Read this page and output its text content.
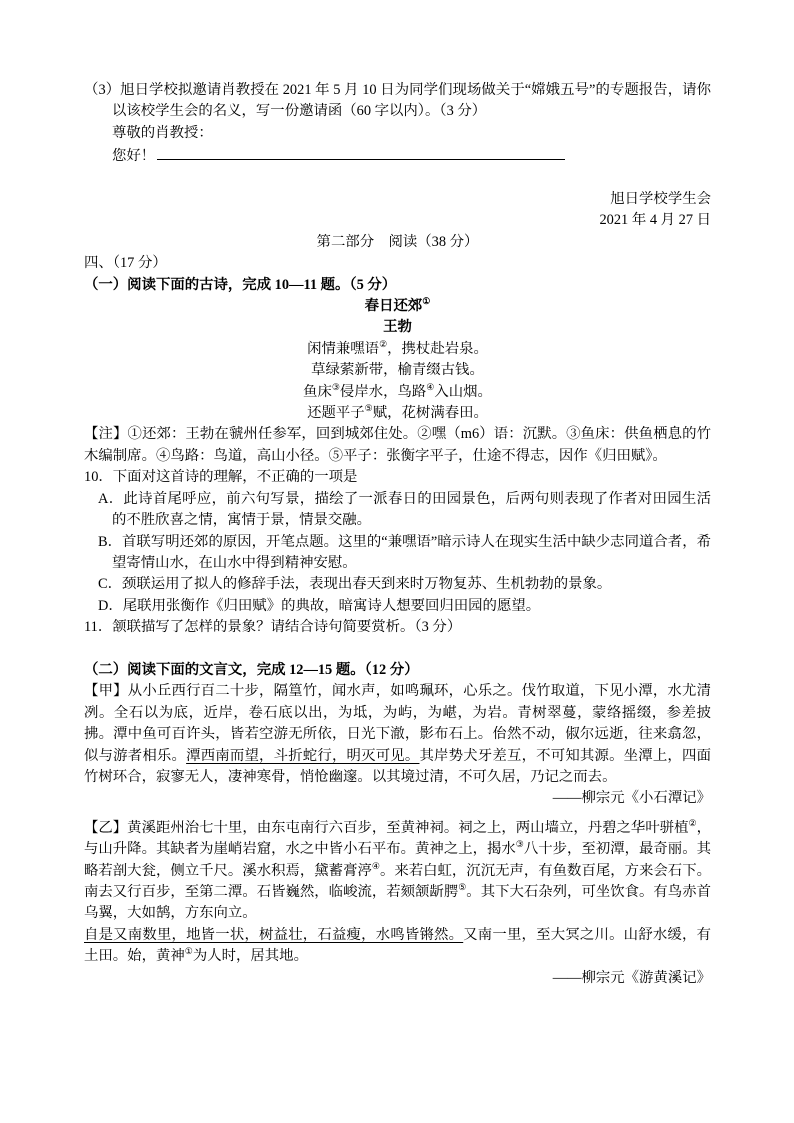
（3）旭日学校拟邀请肖教授在 2021 年 5 月 10 日为同学们现场做关于“嫦娥五号”的专题报告，请你以该校学生会的名义，写一份邀请函（60 字以内）。（3 分）
尊敬的肖教授：
您好！
旭日学校学生会
2021 年 4 月 27 日
第二部分　阅读（38 分）
四、（17 分）
（一）阅读下面的古诗，完成 10—11 题。（5 分）
春日还郊①
王勃
闲情兼嘿语②，携杖赴岩泉。
草绿萦新带，榆青缀古钱。
鱼床③侵岸水，鸟路④入山烟。
还题平子⑤赋，花树满春田。
【注】①还郊：王勃在虢州任参军，回到城郊住处。②嘿（m6）语：沉默。③鱼床：供鱼栖息的竹木编制席。④鸟路：鸟道，高山小径。⑤平子：张衡字平子，仕途不得志，因作《归田赋》。
10．下面对这首诗的理解，不正确的一项是
A．此诗首尾呼应，前六句写景，描绘了一派春日的田园景色，后两句则表现了作者对田园生活的不胜欣喜之情，寓情于景，情景交融。
B．首联写明还郊的原因，开笔点题。这里的“兼嘿语”暗示诗人在现实生活中缺少志同道合者，希望寄情山水，在山水中得到精神安慰。
C．颈联运用了拟人的修辞手法，表现出春天到来时万物复苏、生机勃勃的景象。
D．尾联用张衡作《归田赋》的典故，暗寓诗人想要回归田园的愿望。
11．颔联描写了怎样的景象？请结合诗句简要赏析。（3 分）
（二）阅读下面的文言文，完成 12—15 题。（12 分）
【甲】从小丘西行百二十步，隔篁竹，闻水声，如鸣珮环，心乐之。伐竹取道，下见小潭，水尤清冽。全石以为底，近岸，卷石底以出，为坻，为屿，为嵁，为岩。青树翠蔓，蒙络摇缀，参差披拂。潭中鱼可百许头，皆若空游无所依，日光下澈，影布石上。佁然不动，俶尔远逝，往来翕忽，似与游者相乐。潭西南而望，斗折蛇行，明灭可见。其岸势犬牙差互，不可知其源。坐潭上，四面竹树环合，寂寥无人，凄神寒骨，悄怆幽邃。以其境过清，不可久居，乃记之而去。
——柳宗元《小石潭记》
【乙】黄溪距州治七十里，由东屯南行六百步，至黄神祠。祠之上，两山墙立，丹碧之华叶骈植②，与山升降。其缺者为崖峭岩窟，水之中皆小石平布。黄神之上，揭水③八十步，至初潭，最奇丽。其略若剖大瓮，侧立千尺。溪水积焉，黛蓄膏渟④。来若白虹，沉沉无声，有鱼数百尾，方来会石下。南去又行百步，至第二潭。石皆巍然，临峻流，若颏颔龂腭⑤。其下大石杂列，可坐饮食。有鸟赤首乌翼，大如鹄，方东向立。
自是又南数里，地皆一状，树益壮，石益瘦，水鸣皆锵然。又南一里，至大冥之川。山舒水缓，有土田。始，黄神①为人时，居其地。
——柳宗元《游黄溪记》
